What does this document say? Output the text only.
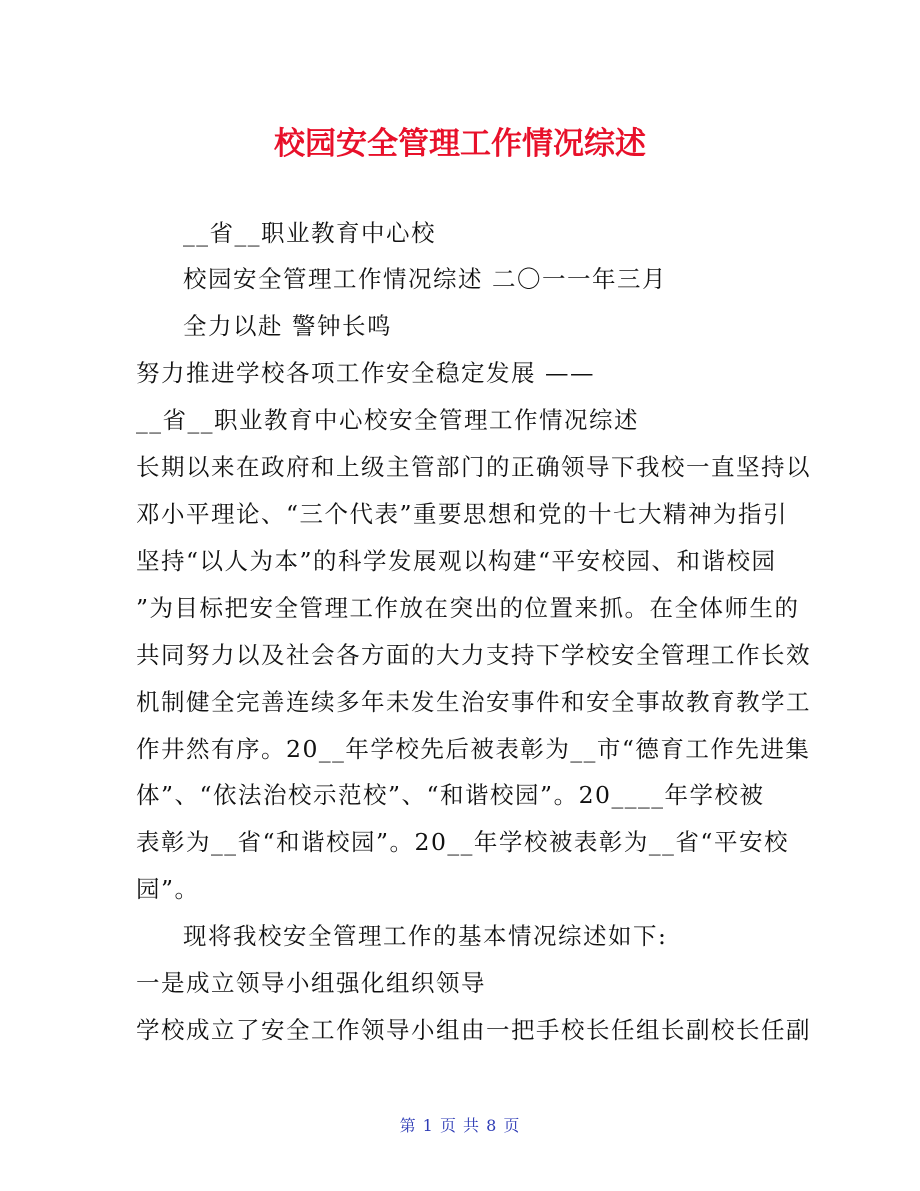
校园安全管理工作情况综述
__省__职业教育中心校
校园安全管理工作情况综述 二〇一一年三月
全力以赴 警钟长鸣
努力推进学校各项工作安全稳定发展 ——
__省__职业教育中心校安全管理工作情况综述
长期以来在政府和上级主管部门的正确领导下我校一直坚持以
邓小平理论、“三个代表”重要思想和党的十七大精神为指引
坚持“以人为本”的科学发展观以构建“平安校园、和谐校园
”为目标把安全管理工作放在突出的位置来抓。在全体师生的
共同努力以及社会各方面的大力支持下学校安全管理工作长效
机制健全完善连续多年未发生治安事件和安全事故教育教学工
作井然有序。20__年学校先后被表彰为__市“德育工作先进集
体”、“依法治校示范校”、“和谐校园”。20____年学校被
表彰为__省“和谐校园”。20__年学校被表彰为__省“平安校
园”。
现将我校安全管理工作的基本情况综述如下:
一是成立领导小组强化组织领导
学校成立了安全工作领导小组由一把手校长任组长副校长任副
第 1 页 共 8 页
